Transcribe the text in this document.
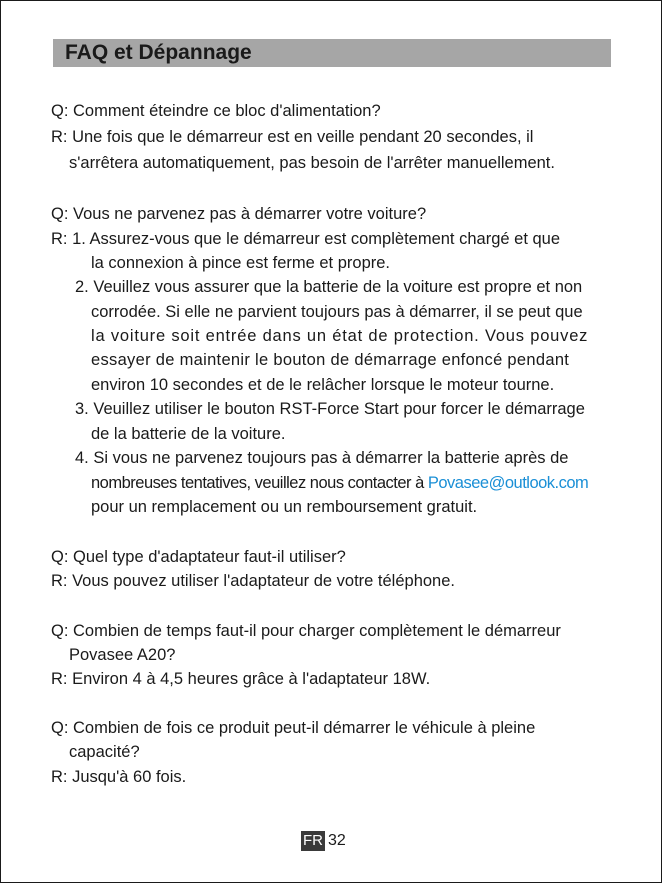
FAQ et Dépannage
Q: Comment éteindre ce bloc d'alimentation?
R: Une fois que le démarreur est en veille pendant 20 secondes, il
s'arrêtera automatiquement, pas besoin de l'arrêter manuellement.
Q: Vous ne parvenez pas à démarrer votre voiture?
R: 1. Assurez-vous que le démarreur est complètement chargé et que
la connexion à pince est ferme et propre.
2. Veuillez vous assurer que la batterie de la voiture est propre et non
corrodée. Si elle ne parvient toujours pas à démarrer, il se peut que
la voiture soit entrée dans un état de protection. Vous pouvez
essayer de maintenir le bouton de démarrage enfoncé pendant
environ 10 secondes et de le relâcher lorsque le moteur tourne.
3. Veuillez utiliser le bouton RST-Force Start pour forcer le démarrage
de la batterie de la voiture.
4. Si vous ne parvenez toujours pas à démarrer la batterie après de
nombreuses tentatives, veuillez nous contacter à Povasee@outlook.com
pour un remplacement ou un remboursement gratuit.
Q: Quel type d'adaptateur faut-il utiliser?
R: Vous pouvez utiliser l'adaptateur de votre téléphone.
Q: Combien de temps faut-il pour charger complètement le démarreur
Povasee A20?
R: Environ 4 à 4,5 heures grâce à l'adaptateur 18W.
Q: Combien de fois ce produit peut-il démarrer le véhicule à pleine
capacité?
R: Jusqu'à 60 fois.
FR 32
